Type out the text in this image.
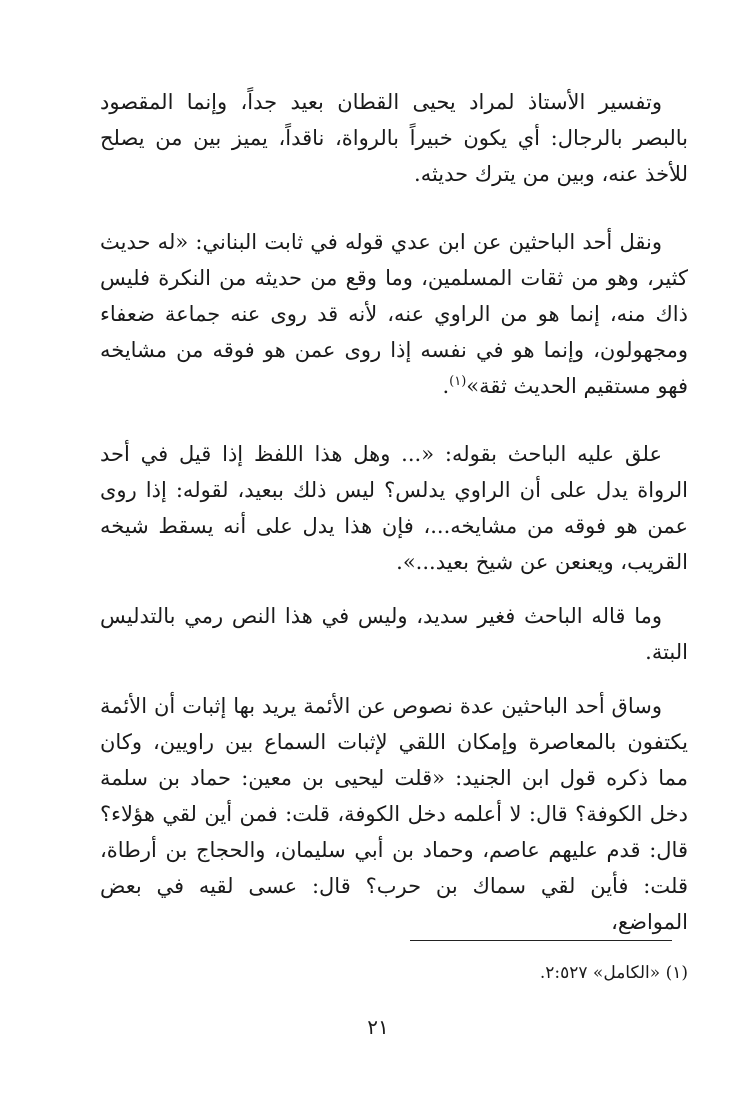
وتفسير الأستاذ لمراد يحيى القطان بعيد جداً، وإنما المقصود بالبصر بالرجال: أي يكون خبيراً بالرواة، ناقداً، يميز بين من يصلح للأخذ عنه، وبين من يترك حديثه.

ونقل أحد الباحثين عن ابن عدي قوله في ثابت البناني: «له حديث كثير، وهو من ثقات المسلمين، وما وقع من حديثه من النكرة فليس ذاك منه، إنما هو من الراوي عنه، لأنه قد روى عنه جماعة ضعفاء ومجهولون، وإنما هو في نفسه إذا روى عمن هو فوقه من مشايخه فهو مستقيم الحديث ثقة»$^{(١)}$.

علق عليه الباحث بقوله: «... وهل هذا اللفظ إذا قيل في أحد الرواة يدل على أن الراوي يدلس؟ ليس ذلك ببعيد، لقوله: إذا روى عمن هو فوقه من مشايخه...، فإن هذا يدل على أنه يسقط شيخه القريب، ويعنعن عن شيخ بعيد...».

وما قاله الباحث فغير سديد، وليس في هذا النص رمي بالتدليس البتة.

وساق أحد الباحثين عدة نصوص عن الأئمة يريد بها إثبات أن الأئمة يكتفون بالمعاصرة وإمكان اللقي لإثبات السماع بين راويين، وكان مما ذكره قول ابن الجنيد: «قلت ليحيى بن معين: حماد بن سلمة دخل الكوفة؟ قال: لا أعلمه دخل الكوفة، قلت: فمن أين لقي هؤلاء؟ قال: قدم عليهم عاصم، وحماد بن أبي سليمان، والحجاج بن أرطاة، قلت: فأين لقي سماك بن حرب؟ قال: عسى لقيه في بعض المواضع،

(١) «الكامل» ٢:٥٢٧.

٢١
